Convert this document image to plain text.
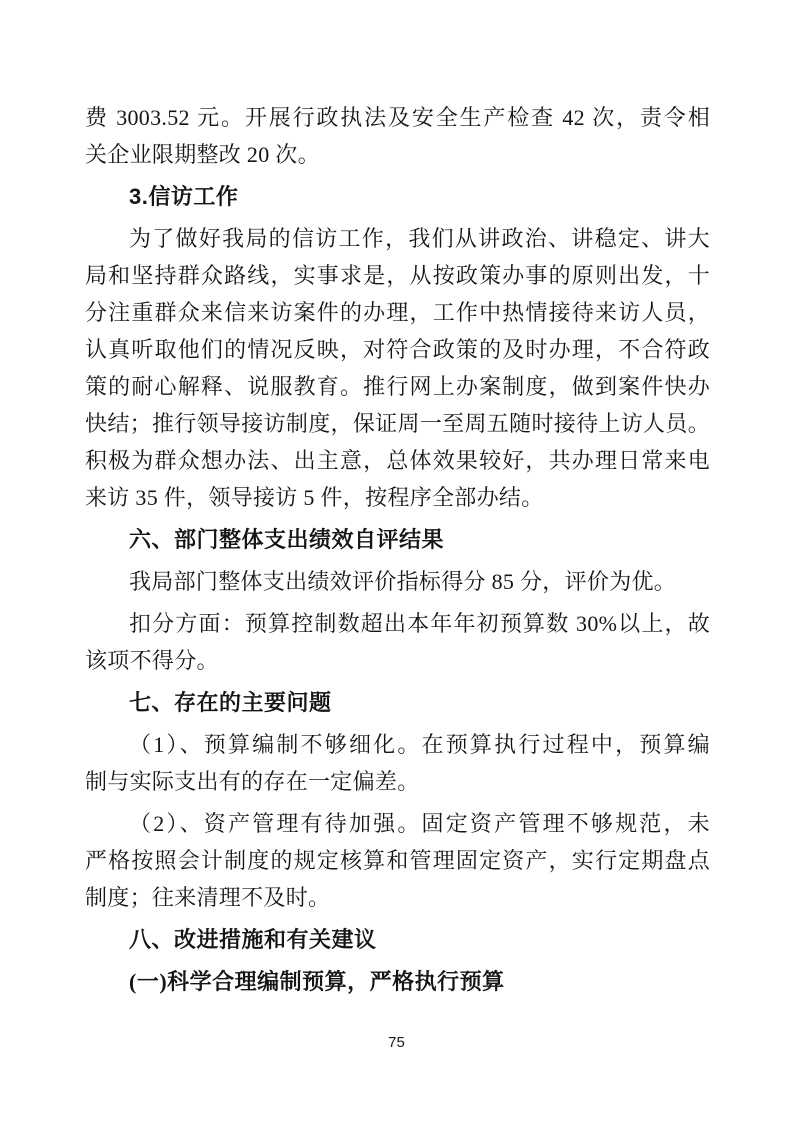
费 3003.52 元。开展行政执法及安全生产检查 42 次，责令相
关企业限期整改 20 次。
3.信访工作
为了做好我局的信访工作，我们从讲政治、讲稳定、讲大
局和坚持群众路线，实事求是，从按政策办事的原则出发，十
分注重群众来信来访案件的办理，工作中热情接待来访人员，
认真听取他们的情况反映，对符合政策的及时办理，不合符政
策的耐心解释、说服教育。推行网上办案制度，做到案件快办
快结；推行领导接访制度，保证周一至周五随时接待上访人员。
积极为群众想办法、出主意，总体效果较好，共办理日常来电
来访 35 件，领导接访 5 件，按程序全部办结。
六、部门整体支出绩效自评结果
我局部门整体支出绩效评价指标得分 85 分，评价为优。
扣分方面：预算控制数超出本年年初预算数 30%以上，故
该项不得分。
七、存在的主要问题
（1）、预算编制不够细化。在预算执行过程中，预算编
制与实际支出有的存在一定偏差。
（2）、资产管理有待加强。固定资产管理不够规范，未
严格按照会计制度的规定核算和管理固定资产，实行定期盘点
制度；往来清理不及时。
八、改进措施和有关建议
(一)科学合理编制预算，严格执行预算
75
